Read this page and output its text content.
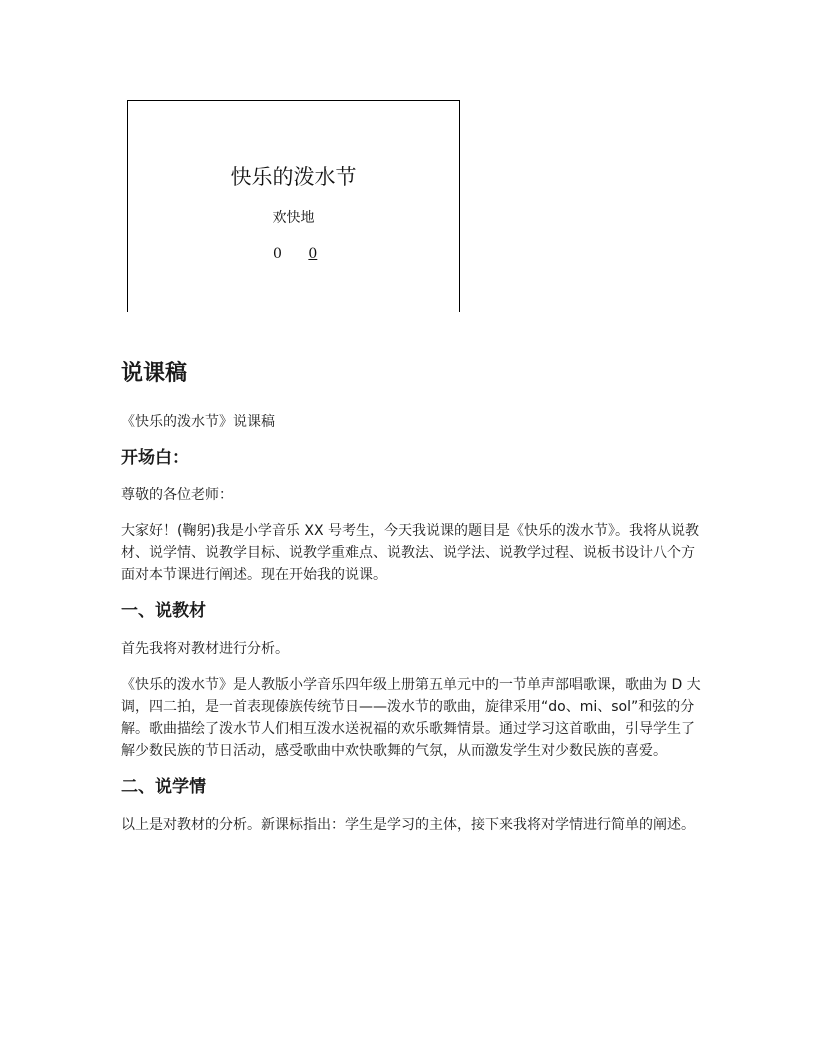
快乐的泼水节
欢快地
0 0
说课稿

《快乐的泼水节》说课稿

开场白：

尊敬的各位老师：

大家好！(鞠躬)我是小学音乐 XX 号考生，今天我说课的题目是《快乐的泼水节》。我将从说教材、说学情、说教学目标、说教学重难点、说教法、说学法、说教学过程、说板书设计八个方面对本节课进行阐述。现在开始我的说课。

一、说教材

首先我将对教材进行分析。

《快乐的泼水节》是人教版小学音乐四年级上册第五单元中的一节单声部唱歌课，歌曲为 D 大调，四二拍，是一首表现傣族传统节日——泼水节的歌曲，旋律采用“do、mi、sol”和弦的分解。歌曲描绘了泼水节人们相互泼水送祝福的欢乐歌舞情景。通过学习这首歌曲，引导学生了解少数民族的节日活动，感受歌曲中欢快歌舞的气氛，从而激发学生对少数民族的喜爱。

二、说学情

以上是对教材的分析。新课标指出：学生是学习的主体，接下来我将对学情进行简单的阐述。
